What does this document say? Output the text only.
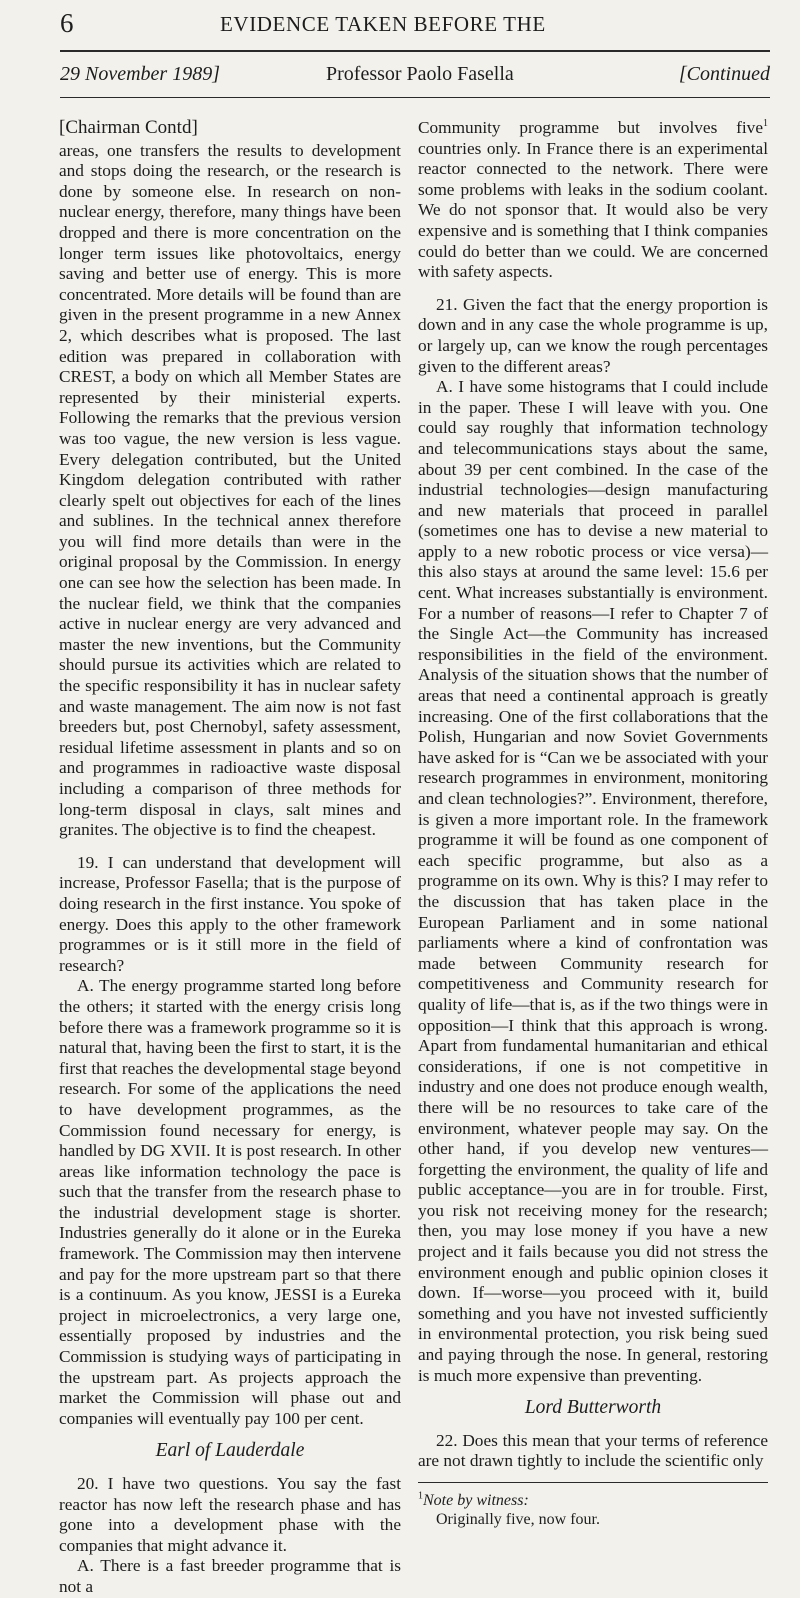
6	EVIDENCE TAKEN BEFORE THE
29 November 1989]	Professor Paolo Fasella	[Continued

[Chairman Contd]

areas, one transfers the results to development and stops doing the research, or the research is done by someone else. In research on non-nuclear energy, therefore, many things have been dropped and there is more concentration on the longer term issues like photovoltaics, energy saving and better use of energy. This is more concentrated. More details will be found than are given in the present programme in a new Annex 2, which describes what is proposed. The last edition was prepared in collaboration with CREST, a body on which all Member States are represented by their ministerial experts. Following the remarks that the previous version was too vague, the new version is less vague. Every delegation contributed, but the United Kingdom delegation contributed with rather clearly spelt out objectives for each of the lines and sublines. In the technical annex therefore you will find more details than were in the original proposal by the Commission. In energy one can see how the selection has been made. In the nuclear field, we think that the companies active in nuclear energy are very advanced and master the new inventions, but the Community should pursue its activities which are related to the specific responsibility it has in nuclear safety and waste management. The aim now is not fast breeders but, post Chernobyl, safety assessment, residual lifetime assessment in plants and so on and programmes in radioactive waste disposal including a comparison of three methods for long-term disposal in clays, salt mines and granites. The objective is to find the cheapest.

19. I can understand that development will increase, Professor Fasella; that is the purpose of doing research in the first instance. You spoke of energy. Does this apply to the other framework programmes or is it still more in the field of research?

A. The energy programme started long before the others; it started with the energy crisis long before there was a framework programme so it is natural that, having been the first to start, it is the first that reaches the developmental stage beyond research. For some of the applications the need to have development programmes, as the Commission found necessary for energy, is handled by DG XVII. It is post research. In other areas like information technology the pace is such that the transfer from the research phase to the industrial development stage is shorter. Industries generally do it alone or in the Eureka framework. The Commission may then intervene and pay for the more upstream part so that there is a continuum. As you know, JESSI is a Eureka project in microelectronics, a very large one, essentially proposed by industries and the Commission is studying ways of participating in the upstream part. As projects approach the market the Commission will phase out and companies will eventually pay 100 per cent.

Earl of Lauderdale

20. I have two questions. You say the fast reactor has now left the research phase and has gone into a development phase with the companies that might advance it.

A. There is a fast breeder programme that is not a

Community programme but involves five$^1$ countries only. In France there is an experimental reactor connected to the network. There were some problems with leaks in the sodium coolant. We do not sponsor that. It would also be very expensive and is something that I think companies could do better than we could. We are concerned with safety aspects.

21. Given the fact that the energy proportion is down and in any case the whole programme is up, or largely up, can we know the rough percentages given to the different areas?

A. I have some histograms that I could include in the paper. These I will leave with you. One could say roughly that information technology and telecommunications stays about the same, about 39 per cent combined. In the case of the industrial technologies—design manufacturing and new materials that proceed in parallel (sometimes one has to devise a new material to apply to a new robotic process or vice versa)—this also stays at around the same level: 15.6 per cent. What increases substantially is environment. For a number of reasons—I refer to Chapter 7 of the Single Act—the Community has increased responsibilities in the field of the environment. Analysis of the situation shows that the number of areas that need a continental approach is greatly increasing. One of the first collaborations that the Polish, Hungarian and now Soviet Governments have asked for is “Can we be associated with your research programmes in environment, monitoring and clean technologies?”. Environment, therefore, is given a more important role. In the framework programme it will be found as one component of each specific programme, but also as a programme on its own. Why is this? I may refer to the discussion that has taken place in the European Parliament and in some national parliaments where a kind of confrontation was made between Community research for competitiveness and Community research for quality of life—that is, as if the two things were in opposition—I think that this approach is wrong. Apart from fundamental humanitarian and ethical considerations, if one is not competitive in industry and one does not produce enough wealth, there will be no resources to take care of the environment, whatever people may say. On the other hand, if you develop new ventures—forgetting the environment, the quality of life and public acceptance—you are in for trouble. First, you risk not receiving money for the research; then, you may lose money if you have a new project and it fails because you did not stress the environment enough and public opinion closes it down. If—worse—you proceed with it, build something and you have not invested sufficiently in environmental protection, you risk being sued and paying through the nose. In general, restoring is much more expensive than preventing.

Lord Butterworth

22. Does this mean that your terms of reference are not drawn tightly to include the scientific only

$^1$Note by witness:
Originally five, now four.
